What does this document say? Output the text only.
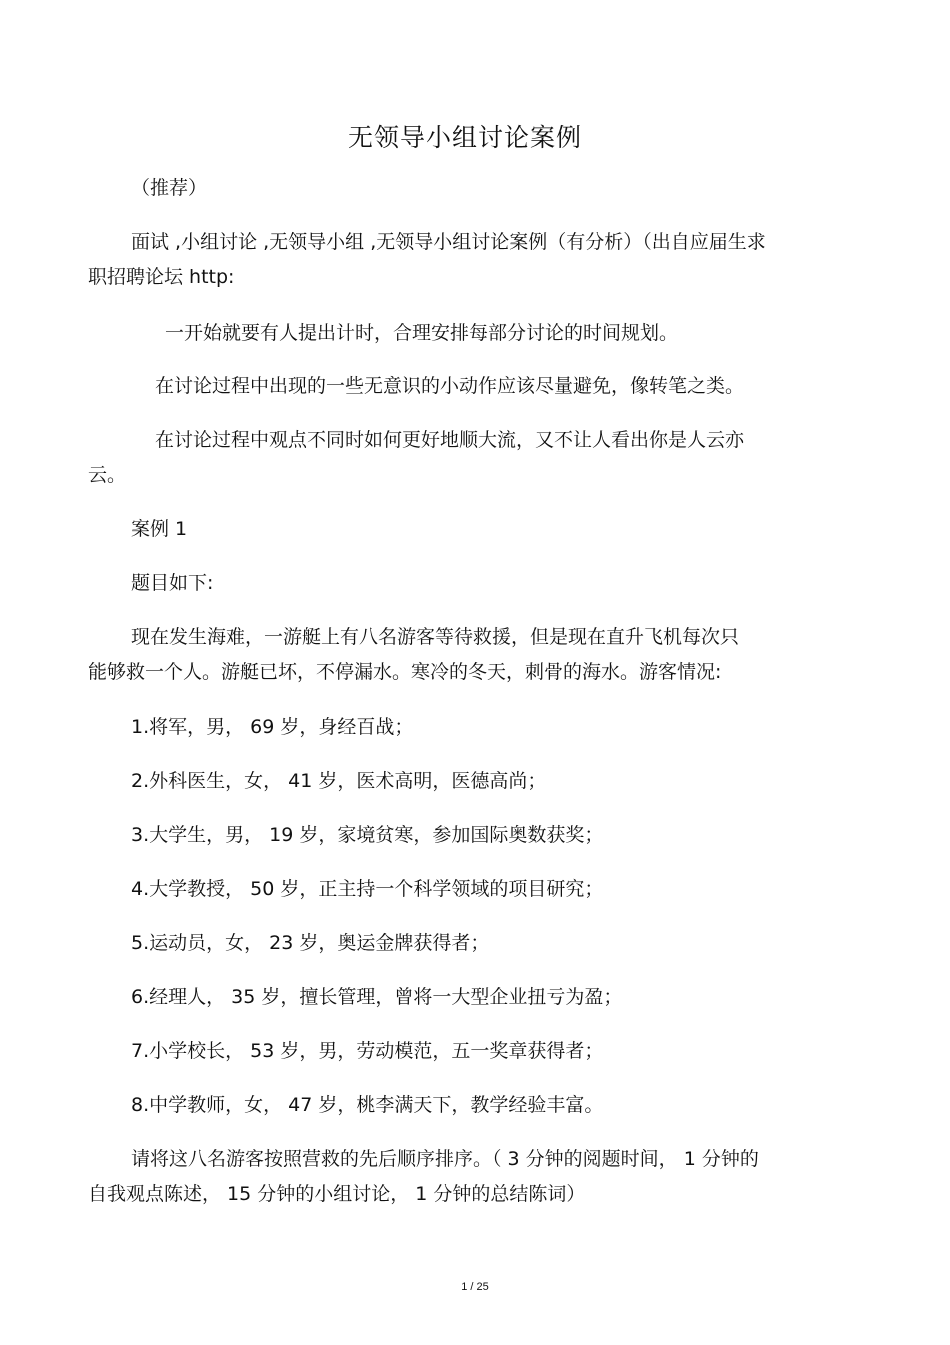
无领导小组讨论案例
（推荐）
面试 ,小组讨论 ,无领导小组 ,无领导小组讨论案例（有分析）（出自应届生求
职招聘论坛 http:
一开始就要有人提出计时，合理安排每部分讨论的时间规划。
在讨论过程中出现的一些无意识的小动作应该尽量避免，像转笔之类。
在讨论过程中观点不同时如何更好地顺大流，又不让人看出你是人云亦
云。
案例 1
题目如下:
现在发生海难，一游艇上有八名游客等待救援，但是现在直升飞机每次只
能够救一个人。游艇已坏，不停漏水。寒冷的冬天，刺骨的海水。游客情况:
1.将军，男， 69 岁，身经百战；
2.外科医生，女， 41 岁，医术高明，医德高尚；
3.大学生，男， 19 岁，家境贫寒，参加国际奥数获奖；
4.大学教授， 50 岁，正主持一个科学领域的项目研究；
5.运动员，女， 23 岁，奥运金牌获得者；
6.经理人， 35 岁，擅长管理，曾将一大型企业扭亏为盈；
7.小学校长， 53 岁，男，劳动模范，五一奖章获得者；
8.中学教师，女， 47 岁，桃李满天下，教学经验丰富。
请将这八名游客按照营救的先后顺序排序。（ 3 分钟的阅题时间， 1 分钟的
自我观点陈述， 15 分钟的小组讨论， 1 分钟的总结陈词）
1 / 25
